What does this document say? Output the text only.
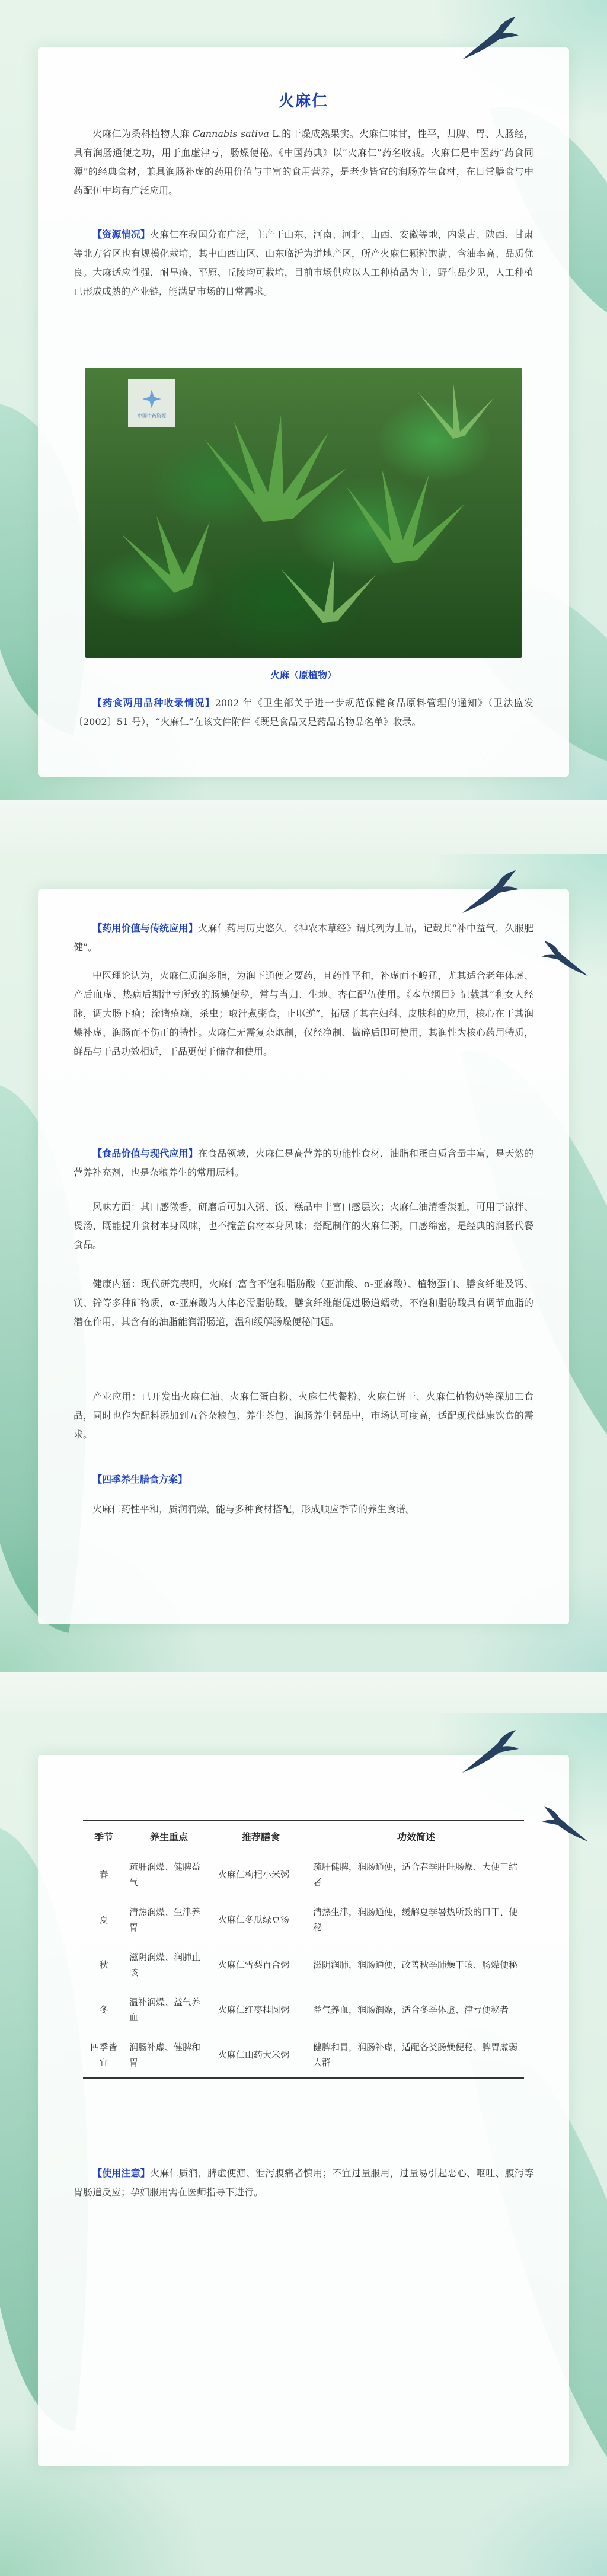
火麻仁

火麻仁为桑科植物大麻 Cannabis sativa L.的干燥成熟果实。火麻仁味甘，性平，归脾、胃、大肠经，具有润肠通便之功，用于血虚津亏，肠燥便秘。《中国药典》以“火麻仁”药名收载。火麻仁是中医药“药食同源”的经典食材，兼具润肠补虚的药用价值与丰富的食用营养，是老少皆宜的润肠养生食材，在日常膳食与中药配伍中均有广泛应用。

【资源情况】火麻仁在我国分布广泛，主产于山东、河南、河北、山西、安徽等地，内蒙古、陕西、甘肃等北方省区也有规模化栽培，其中山西山区、山东临沂为道地产区，所产火麻仁颗粒饱满、含油率高、品质优良。大麻适应性强，耐旱瘠、平原、丘陵均可栽培，目前市场供应以人工种植品为主，野生品少见，人工种植已形成成熟的产业链，能满足市场的日常需求。

中国中药资源
火麻（原植物）

【药食两用品种收录情况】2002 年《卫生部关于进一步规范保健食品原料管理的通知》（卫法监发〔2002〕51 号），“火麻仁”在该文件附件《既是食品又是药品的物品名单》收录。

【药用价值与传统应用】火麻仁药用历史悠久，《神农本草经》谓其列为上品，记载其“补中益气，久服肥健”。

中医理论认为，火麻仁质润多脂，为润下通便之要药，且药性平和，补虚而不峻猛，尤其适合老年体虚、产后血虚、热病后期津亏所致的肠燥便秘，常与当归、生地、杏仁配伍使用。《本草纲目》记载其“利女人经脉，调大肠下痢；涂诸疮癞，杀虫；取汁煮粥食，止呕逆”，拓展了其在妇科、皮肤科的应用，核心在于其润燥补虚、润肠而不伤正的特性。火麻仁无需复杂炮制，仅经净制、捣碎后即可使用，其润性为核心药用特质，鲜品与干品功效相近，干品更便于储存和使用。

【食品价值与现代应用】在食品领域，火麻仁是高营养的功能性食材，油脂和蛋白质含量丰富，是天然的营养补充剂，也是杂粮养生的常用原料。

风味方面：其口感微香，研磨后可加入粥、饭、糕品中丰富口感层次；火麻仁油清香淡雅，可用于凉拌、煲汤，既能提升食材本身风味，也不掩盖食材本身风味；搭配制作的火麻仁粥，口感绵密，是经典的润肠代餐食品。

健康内涵：现代研究表明，火麻仁富含不饱和脂肪酸（亚油酸、α-亚麻酸）、植物蛋白、膳食纤维及钙、镁、锌等多种矿物质，α-亚麻酸为人体必需脂肪酸，膳食纤维能促进肠道蠕动，不饱和脂肪酸具有调节血脂的潜在作用，其含有的油脂能润滑肠道，温和缓解肠燥便秘问题。

产业应用：已开发出火麻仁油、火麻仁蛋白粉、火麻仁代餐粉、火麻仁饼干、火麻仁植物奶等深加工食品，同时也作为配料添加到五谷杂粮包、养生茶包、润肠养生粥品中，市场认可度高，适配现代健康饮食的需求。

【四季养生膳食方案】

火麻仁药性平和，质润润燥，能与多种食材搭配，形成顺应季节的养生食谱。

季节	养生重点	推荐膳食	功效简述
春	疏肝润燥、健脾益气	火麻仁枸杞小米粥	疏肝健脾，润肠通便，适合春季肝旺肠燥、大便干结者
夏	清热润燥、生津养胃	火麻仁冬瓜绿豆汤	清热生津，润肠通便，缓解夏季暑热所致的口干、便秘
秋	滋阴润燥、润肺止咳	火麻仁雪梨百合粥	滋阴润肺，润肠通便，改善秋季肺燥干咳、肠燥便秘
冬	温补润燥、益气养血	火麻仁红枣桂圆粥	益气养血，润肠润燥，适合冬季体虚、津亏便秘者
四季皆宜	润肠补虚、健脾和胃	火麻仁山药大米粥	健脾和胃，润肠补虚，适配各类肠燥便秘、脾胃虚弱人群

【使用注意】火麻仁质润，脾虚便溏、泄泻腹痛者慎用；不宜过量服用，过量易引起恶心、呕吐、腹泻等胃肠道反应；孕妇服用需在医师指导下进行。
